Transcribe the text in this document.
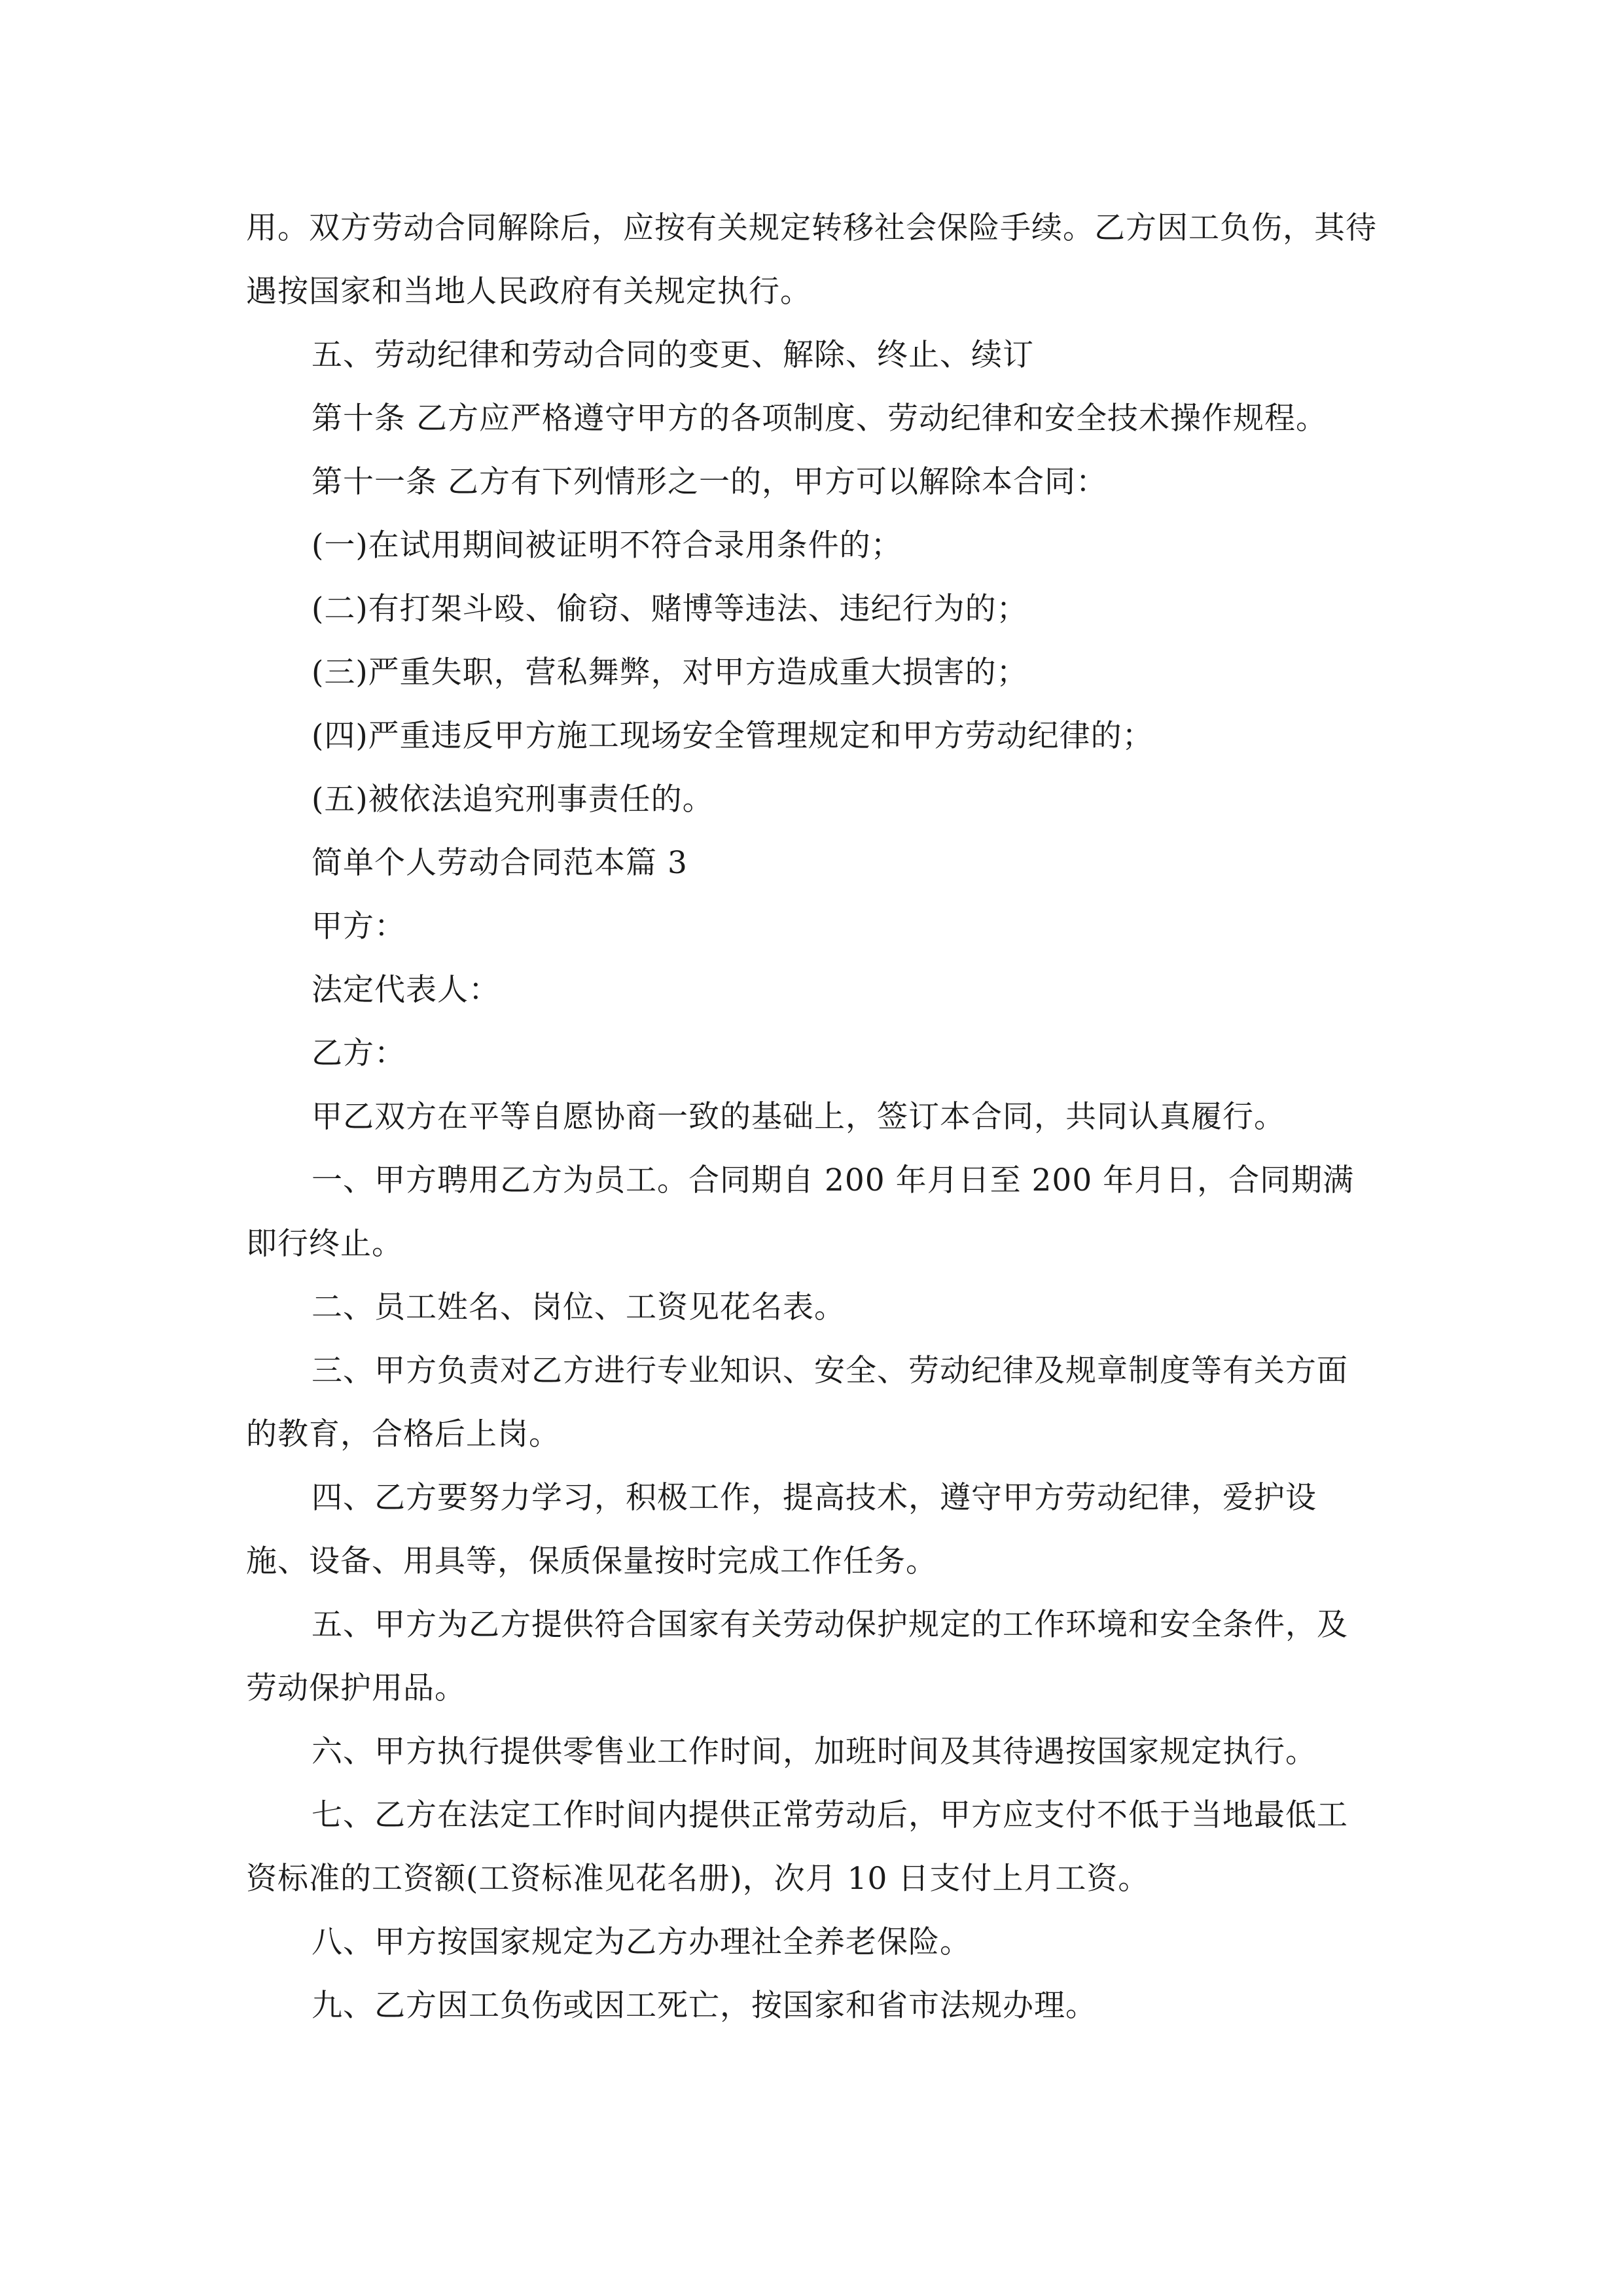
用。双方劳动合同解除后，应按有关规定转移社会保险手续。乙方因工负伤，其待遇按国家和当地人民政府有关规定执行。

五、劳动纪律和劳动合同的变更、解除、终止、续订

第十条 乙方应严格遵守甲方的各项制度、劳动纪律和安全技术操作规程。

第十一条 乙方有下列情形之一的，甲方可以解除本合同：

(一)在试用期间被证明不符合录用条件的；

(二)有打架斗殴、偷窃、赌博等违法、违纪行为的；

(三)严重失职，营私舞弊，对甲方造成重大损害的；

(四)严重违反甲方施工现场安全管理规定和甲方劳动纪律的；

(五)被依法追究刑事责任的。

简单个人劳动合同范本篇 3

甲方：

法定代表人：

乙方：

甲乙双方在平等自愿协商一致的基础上，签订本合同，共同认真履行。

一、甲方聘用乙方为员工。合同期自 200 年月日至 200 年月日，合同期满即行终止。

二、员工姓名、岗位、工资见花名表。

三、甲方负责对乙方进行专业知识、安全、劳动纪律及规章制度等有关方面的教育，合格后上岗。

四、乙方要努力学习，积极工作，提高技术，遵守甲方劳动纪律，爱护设施、设备、用具等，保质保量按时完成工作任务。

五、甲方为乙方提供符合国家有关劳动保护规定的工作环境和安全条件，及劳动保护用品。

六、甲方执行提供零售业工作时间，加班时间及其待遇按国家规定执行。

七、乙方在法定工作时间内提供正常劳动后，甲方应支付不低于当地最低工资标准的工资额(工资标准见花名册)，次月 10 日支付上月工资。

八、甲方按国家规定为乙方办理社全养老保险。

九、乙方因工负伤或因工死亡，按国家和省市法规办理。
